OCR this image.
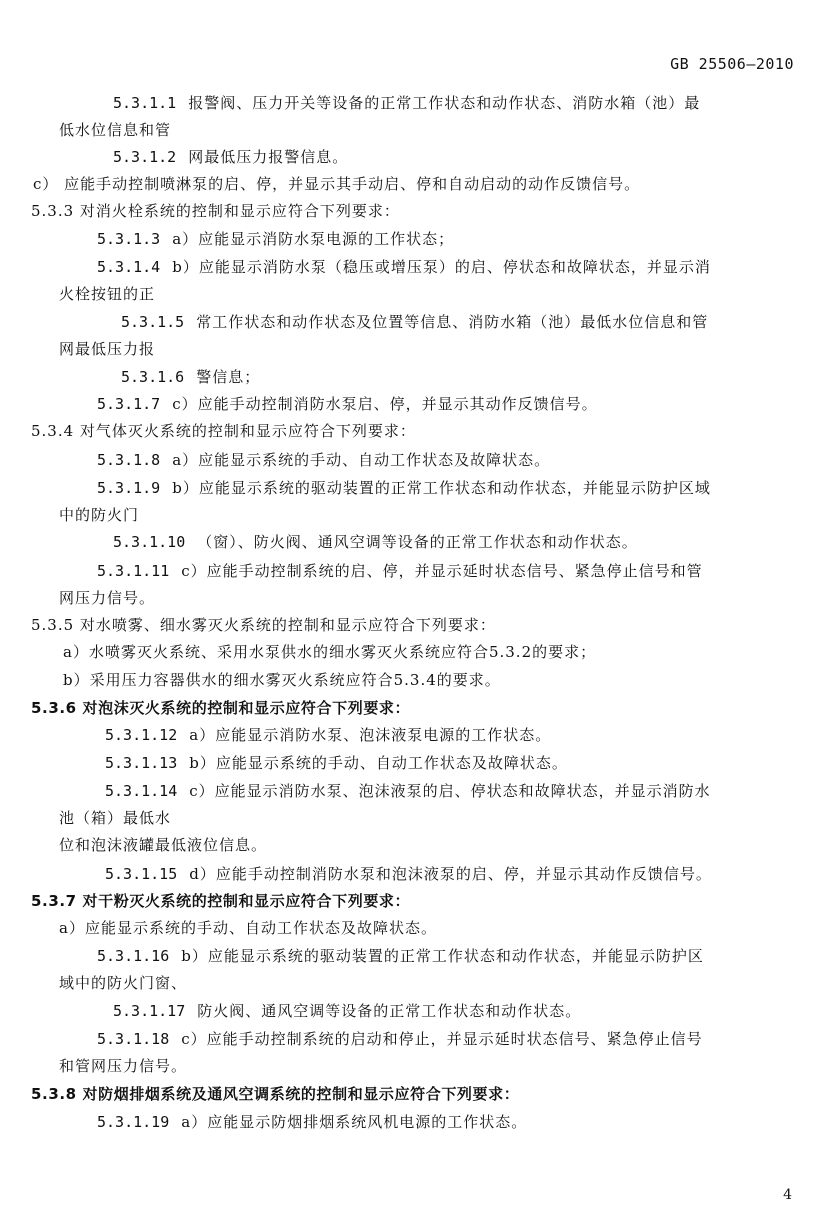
GB 25506—2010
5.3.1.1 报警阀、压力开关等设备的正常工作状态和动作状态、消防水箱（池）最
低水位信息和管
5.3.1.2 网最低压力报警信息。
c） 应能手动控制喷淋泵的启、停，并显示其手动启、停和自动启动的动作反馈信号。
5.3.3 对消火栓系统的控制和显示应符合下列要求：
5.3.1.3 a）应能显示消防水泵电源的工作状态；
5.3.1.4 b）应能显示消防水泵（稳压或增压泵）的启、停状态和故障状态，并显示消
火栓按钮的正
5.3.1.5 常工作状态和动作状态及位置等信息、消防水箱（池）最低水位信息和管
网最低压力报
5.3.1.6 警信息；
5.3.1.7 c）应能手动控制消防水泵启、停，并显示其动作反馈信号。
5.3.4 对气体灭火系统的控制和显示应符合下列要求：
5.3.1.8 a）应能显示系统的手动、自动工作状态及故障状态。
5.3.1.9 b）应能显示系统的驱动装置的正常工作状态和动作状态，并能显示防护区域
中的防火门
5.3.1.10 （窗）、防火阀、通风空调等设备的正常工作状态和动作状态。
5.3.1.11 c）应能手动控制系统的启、停，并显示延时状态信号、紧急停止信号和管
网压力信号。
5.3.5 对水喷雾、细水雾灭火系统的控制和显示应符合下列要求：
a）水喷雾灭火系统、采用水泵供水的细水雾灭火系统应符合5.3.2的要求；
b）采用压力容器供水的细水雾灭火系统应符合5.3.4的要求。
5.3.6 对泡沫灭火系统的控制和显示应符合下列要求：
5.3.1.12 a）应能显示消防水泵、泡沫液泵电源的工作状态。
5.3.1.13 b）应能显示系统的手动、自动工作状态及故障状态。
5.3.1.14 c）应能显示消防水泵、泡沫液泵的启、停状态和故障状态，并显示消防水
池（箱）最低水
位和泡沫液罐最低液位信息。
5.3.1.15 d）应能手动控制消防水泵和泡沫液泵的启、停，并显示其动作反馈信号。
5.3.7 对干粉灭火系统的控制和显示应符合下列要求：
a）应能显示系统的手动、自动工作状态及故障状态。
5.3.1.16 b）应能显示系统的驱动装置的正常工作状态和动作状态，并能显示防护区
域中的防火门窗、
5.3.1.17 防火阀、通风空调等设备的正常工作状态和动作状态。
5.3.1.18 c）应能手动控制系统的启动和停止，并显示延时状态信号、紧急停止信号
和管网压力信号。
5.3.8 对防烟排烟系统及通风空调系统的控制和显示应符合下列要求：
5.3.1.19 a）应能显示防烟排烟系统风机电源的工作状态。
4
